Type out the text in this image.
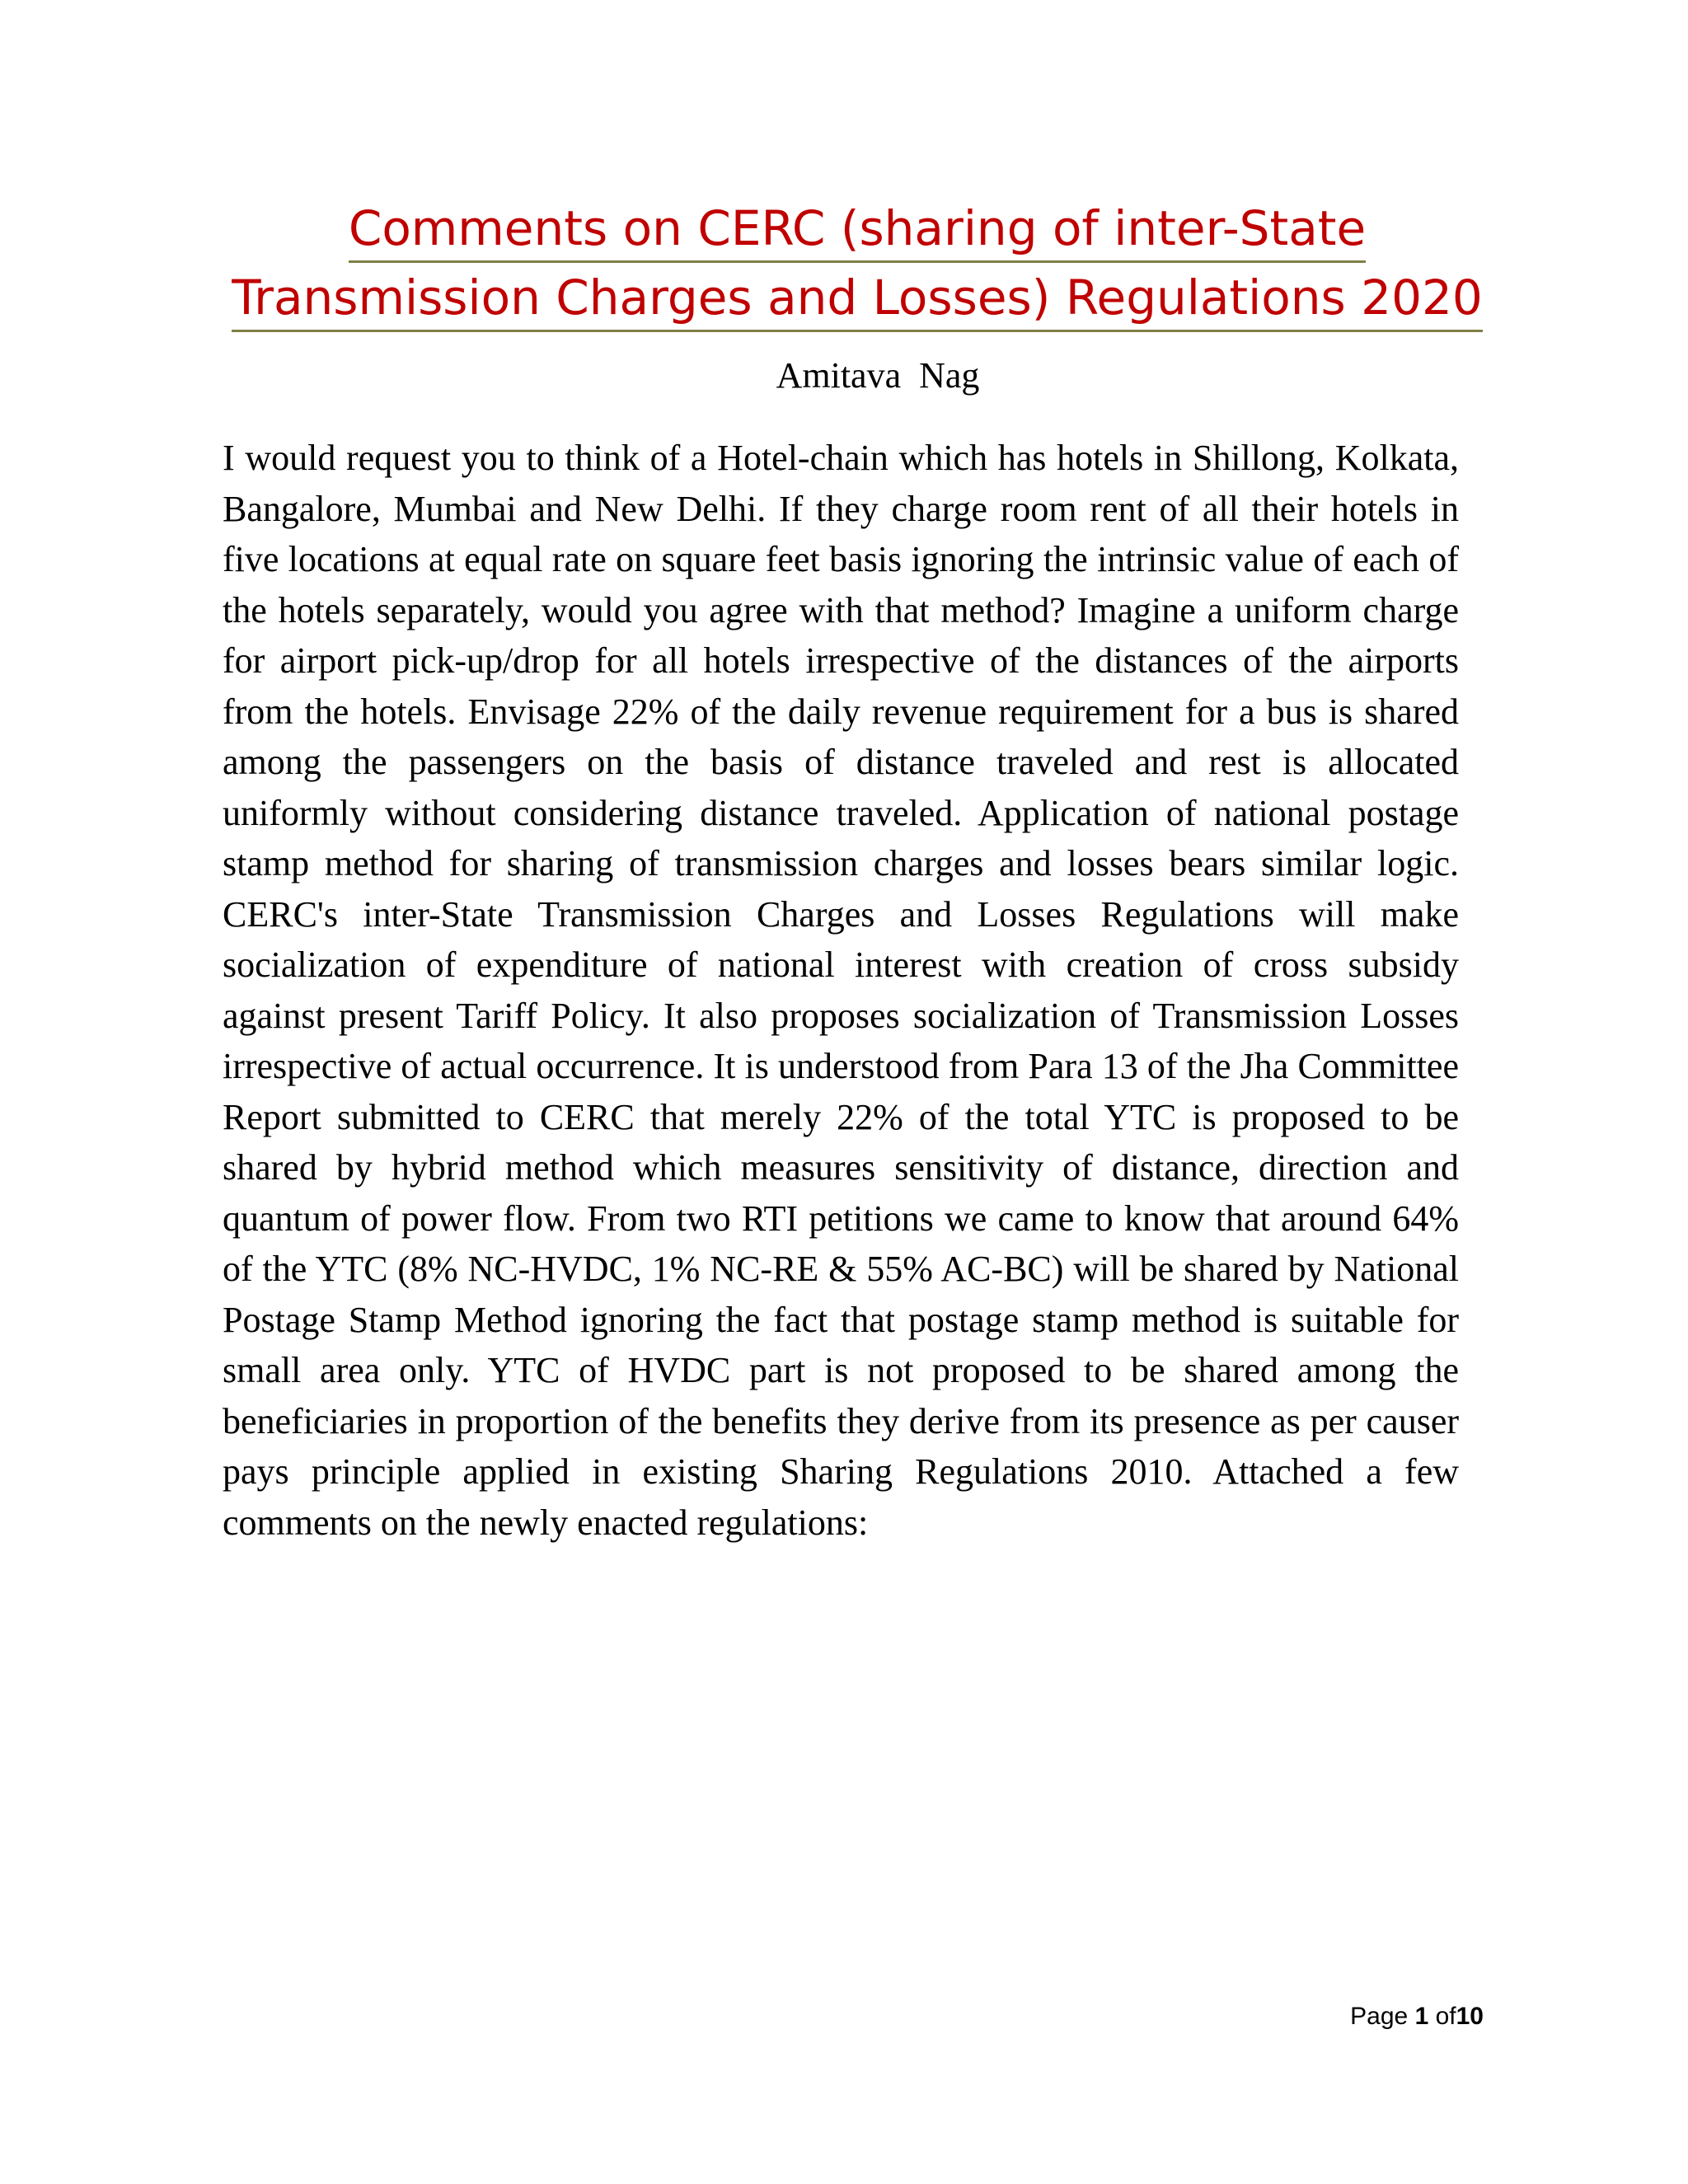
Comments on CERC (sharing of inter-State
Transmission Charges and Losses) Regulations 2020

Amitava  Nag

I would request you to think of a Hotel-chain which has hotels in Shillong, Kolkata, Bangalore, Mumbai and New Delhi. If they charge room rent of all their hotels in five locations at equal rate on square feet basis ignoring the intrinsic value of each of the hotels separately, would you agree with that method? Imagine a uniform charge for airport pick-up/drop for all hotels irrespective of the distances of the airports from the hotels. Envisage 22% of the daily revenue requirement for a bus is shared among the passengers on the basis of distance traveled and rest is allocated uniformly without considering distance traveled. Application of national postage stamp method for sharing of transmission charges and losses bears similar logic. CERC's inter-State Transmission Charges and Losses Regulations will make socialization of expenditure of national interest with creation of cross subsidy against present Tariff Policy. It also proposes socialization of Transmission Losses irrespective of actual occurrence. It is understood from Para 13 of the Jha Committee Report submitted to CERC that merely 22% of the total YTC is proposed to be shared by hybrid method which measures sensitivity of distance, direction and quantum of power flow. From two RTI petitions we came to know that around 64% of the YTC (8% NC-HVDC, 1% NC-RE & 55% AC-BC) will be shared by National Postage Stamp Method ignoring the fact that postage stamp method is suitable for small area only. YTC of HVDC part is not proposed to be shared among the beneficiaries in proportion of the benefits they derive from its presence as per causer pays principle applied in existing Sharing Regulations 2010. Attached a few comments on the newly enacted regulations:

Page 1 of10
